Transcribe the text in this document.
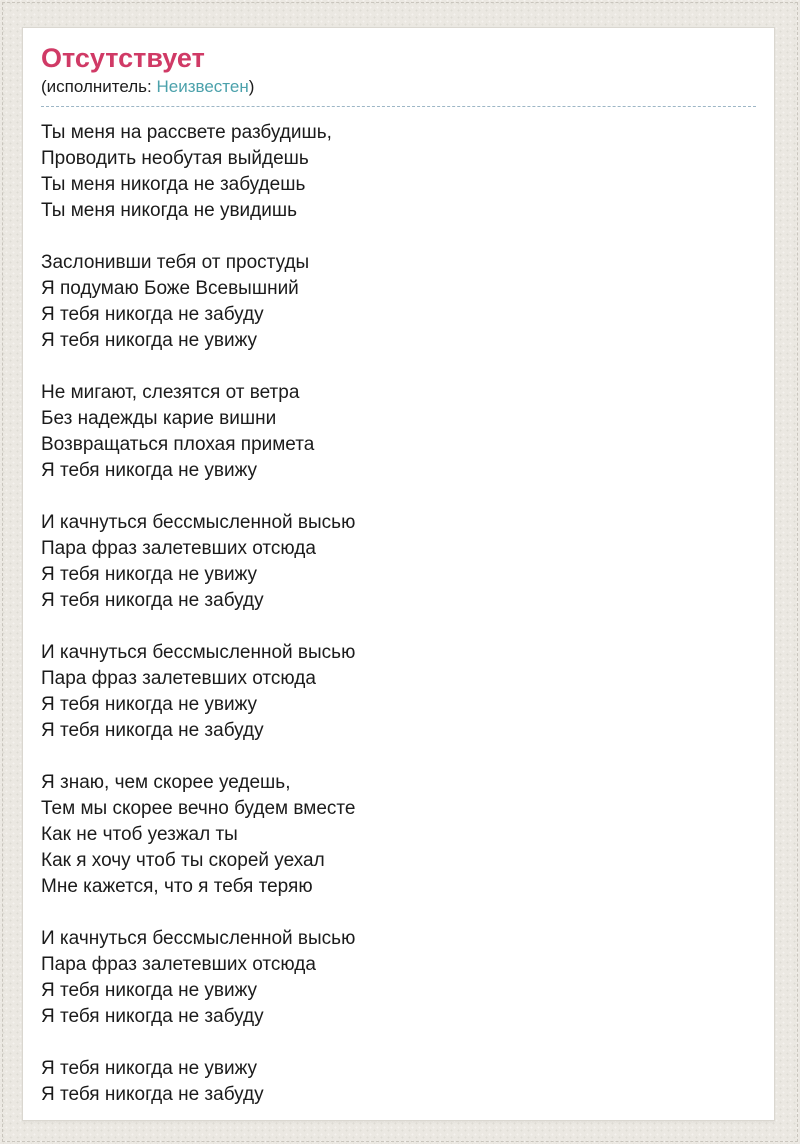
Отсутствует
(исполнитель: Неизвестен)
Ты меня на рассвете разбудишь,
Проводить необутая выйдешь
Ты меня никогда не забудешь
Ты меня никогда не увидишь
Заслонивши тебя от простуды
Я подумаю Боже Всевышний
Я тебя никогда не забуду
Я тебя никогда не увижу
Не мигают, слезятся от ветра
Без надежды карие вишни
Возвращаться плохая примета
Я тебя никогда не увижу
И качнуться бессмысленной высью
Пара фраз залетевших отсюда
Я тебя никогда не увижу
Я тебя никогда не забуду
И качнуться бессмысленной высью
Пара фраз залетевших отсюда
Я тебя никогда не увижу
Я тебя никогда не забуду
Я знаю, чем скорее уедешь,
Тем мы скорее вечно будем вместе
Как не чтоб уезжал ты
Как я хочу чтоб ты скорей уехал
Мне кажется, что я тебя теряю
И качнуться бессмысленной высью
Пара фраз залетевших отсюда
Я тебя никогда не увижу
Я тебя никогда не забуду
Я тебя никогда не увижу
Я тебя никогда не забуду
